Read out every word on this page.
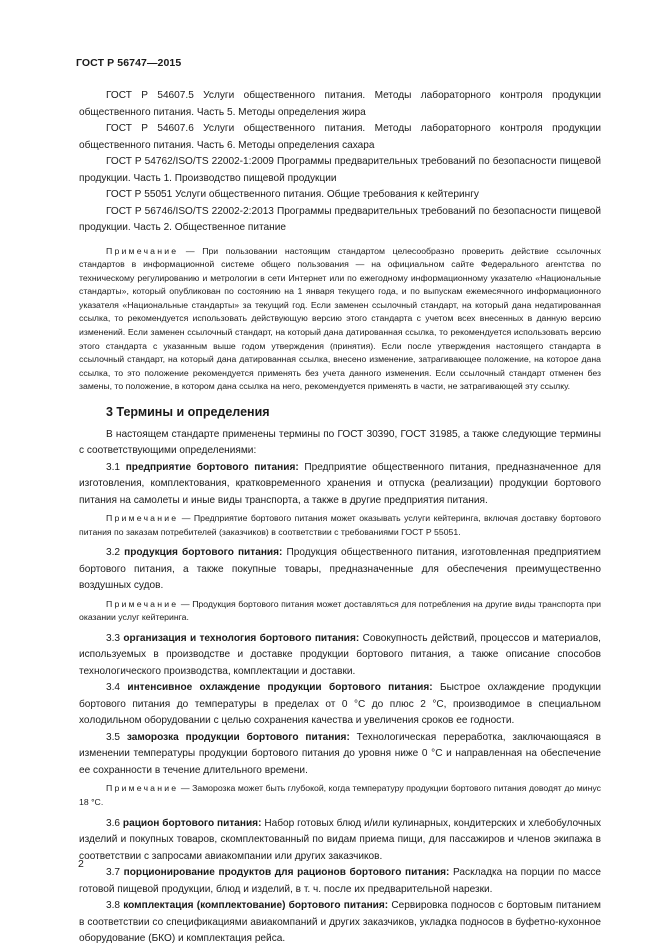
ГОСТ Р 56747—2015

ГОСТ Р 54607.5 Услуги общественного питания. Методы лабораторного контроля продукции общественного питания. Часть 5. Методы определения жира

ГОСТ Р 54607.6 Услуги общественного питания. Методы лабораторного контроля продукции общественного питания. Часть 6. Методы определения сахара

ГОСТ Р 54762/ISO/TS 22002-1:2009 Программы предварительных требований по безопасности пищевой продукции. Часть 1. Производство пищевой продукции

ГОСТ Р 55051 Услуги общественного питания. Общие требования к кейтерингу

ГОСТ Р 56746/ISO/TS 22002-2:2013 Программы предварительных требований по безопасности пищевой продукции. Часть 2. Общественное питание

Примечание — При пользовании настоящим стандартом целесообразно проверить действие ссылочных стандартов в информационной системе общего пользования — на официальном сайте Федерального агентства по техническому регулированию и метрологии в сети Интернет или по ежегодному информационному указателю «Национальные стандарты», который опубликован по состоянию на 1 января текущего года, и по выпускам ежемесячного информационного указателя «Национальные стандарты» за текущий год. Если заменен ссылочный стандарт, на который дана недатированная ссылка, то рекомендуется использовать действующую версию этого стандарта с учетом всех внесенных в данную версию изменений. Если заменен ссылочный стандарт, на который дана датированная ссылка, то рекомендуется использовать версию этого стандарта с указанным выше годом утверждения (принятия). Если после утверждения настоящего стандарта в ссылочный стандарт, на который дана датированная ссылка, внесено изменение, затрагивающее положение, на которое дана ссылка, то это положение рекомендуется применять без учета данного изменения. Если ссылочный стандарт отменен без замены, то положение, в котором дана ссылка на него, рекомендуется применять в части, не затрагивающей эту ссылку.

3 Термины и определения

В настоящем стандарте применены термины по ГОСТ 30390, ГОСТ 31985, а также следующие термины с соответствующими определениями:

3.1 предприятие бортового питания: Предприятие общественного питания, предназначенное для изготовления, комплектования, кратковременного хранения и отпуска (реализации) продукции бортового питания на самолеты и иные виды транспорта, а также в другие предприятия питания.

Примечание — Предприятие бортового питания может оказывать услуги кейтеринга, включая доставку бортового питания по заказам потребителей (заказчиков) в соответствии с требованиями ГОСТ Р 55051.

3.2 продукция бортового питания: Продукция общественного питания, изготовленная предприятием бортового питания, а также покупные товары, предназначенные для обеспечения преимущественно воздушных судов.

Примечание — Продукция бортового питания может доставляться для потребления на другие виды транспорта при оказании услуг кейтеринга.

3.3 организация и технология бортового питания: Совокупность действий, процессов и материалов, используемых в производстве и доставке продукции бортового питания, а также описание способов технологического производства, комплектации и доставки.

3.4 интенсивное охлаждение продукции бортового питания: Быстрое охлаждение продукции бортового питания до температуры в пределах от 0 °С до плюс 2 °С, производимое в специальном холодильном оборудовании с целью сохранения качества и увеличения сроков ее годности.

3.5 заморозка продукции бортового питания: Технологическая переработка, заключающаяся в изменении температуры продукции бортового питания до уровня ниже 0 °С и направленная на обеспечение ее сохранности в течение длительного времени.

Примечание — Заморозка может быть глубокой, когда температуру продукции бортового питания доводят до минус 18 °С.

3.6 рацион бортового питания: Набор готовых блюд и/или кулинарных, кондитерских и хлебобулочных изделий и покупных товаров, скомплектованный по видам приема пищи, для пассажиров и членов экипажа в соответствии с запросами авиакомпании или других заказчиков.

3.7 порционирование продуктов для рационов бортового питания: Раскладка на порции по массе готовой пищевой продукции, блюд и изделий, в т. ч. после их предварительной нарезки.

3.8 комплектация (комплектование) бортового питания: Сервировка подносов с бортовым питанием в соответствии со спецификациями авиакомпаний и других заказчиков, укладка подносов в буфетно-кухонное оборудование (БКО) и комплектация рейса.

2
